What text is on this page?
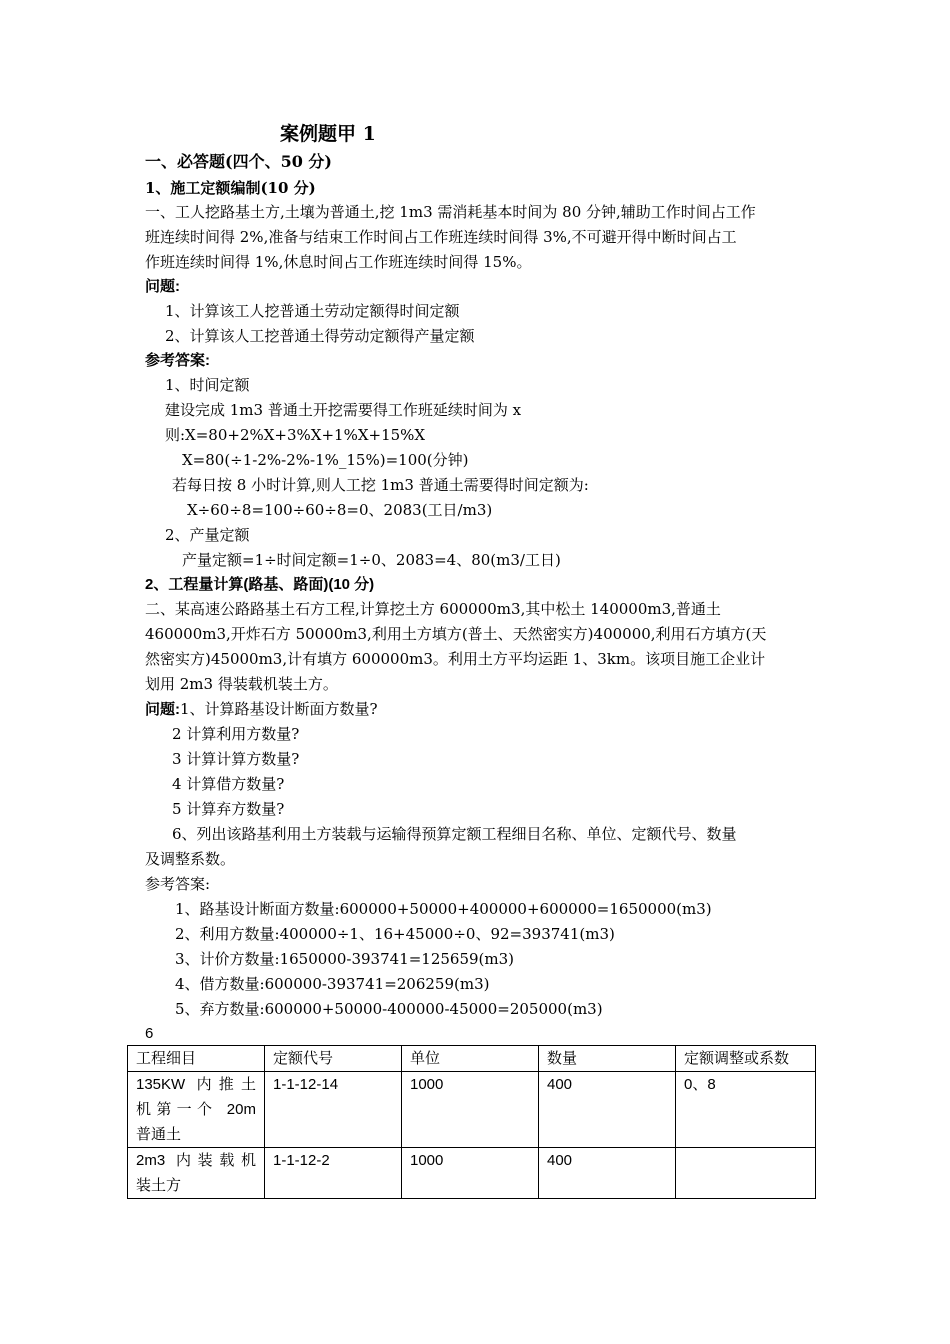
案例题甲 1
一、必答题(四个、50 分)
1、施工定额编制(10 分)
一、工人挖路基土方,土壤为普通土,挖 1m3 需消耗基本时间为 80 分钟,辅助工作时间占工作
班连续时间得 2%,准备与结束工作时间占工作班连续时间得 3%,不可避开得中断时间占工
作班连续时间得 1%,休息时间占工作班连续时间得 15%。
问题:
1、计算该工人挖普通土劳动定额得时间定额
2、计算该人工挖普通土得劳动定额得产量定额
参考答案:
1、时间定额
建设完成 1m3 普通土开挖需要得工作班延续时间为 x
则:X=80+2%X+3%X+1%X+15%X
X=80(÷1-2%-2%-1%_15%)=100(分钟)
若每日按 8 小时计算,则人工挖 1m3 普通土需要得时间定额为:
X÷60÷8=100÷60÷8=0、2083(工日/m3)
2、产量定额
产量定额=1÷时间定额=1÷0、2083=4、80(m3/工日)
2、工程量计算(路基、路面)(10 分)
二、某高速公路路基土石方工程,计算挖土方 600000m3,其中松土 140000m3,普通土
460000m3,开炸石方 50000m3,利用土方填方(普土、天然密实方)400000,利用石方填方(天
然密实方)45000m3,计有填方 600000m3。利用土方平均运距 1、3km。该项目施工企业计
划用 2m3 得装载机装土方。
问题:1、计算路基设计断面方数量?
2 计算利用方数量?
3 计算计算方数量?
4 计算借方数量?
5 计算弃方数量?
6、列出该路基利用土方装载与运输得预算定额工程细目名称、单位、定额代号、数量
及调整系数。
参考答案:
1、路基设计断面方数量:600000+50000+400000+600000=1650000(m3)
2、利用方数量:400000÷1、16+45000÷0、92=393741(m3)
3、计价方数量:1650000-393741=125659(m3)
4、借方数量:600000-393741=206259(m3)
5、弃方数量:600000+50000-400000-45000=205000(m3)
6
工程细目	定额代号	单位	数量	定额调整或系数

135KW 内推土
机第一个 20m
普通土	1-1-12-14	1000	400	0、8

2m3 内装载机
装土方	1-1-12-2	1000	400	
